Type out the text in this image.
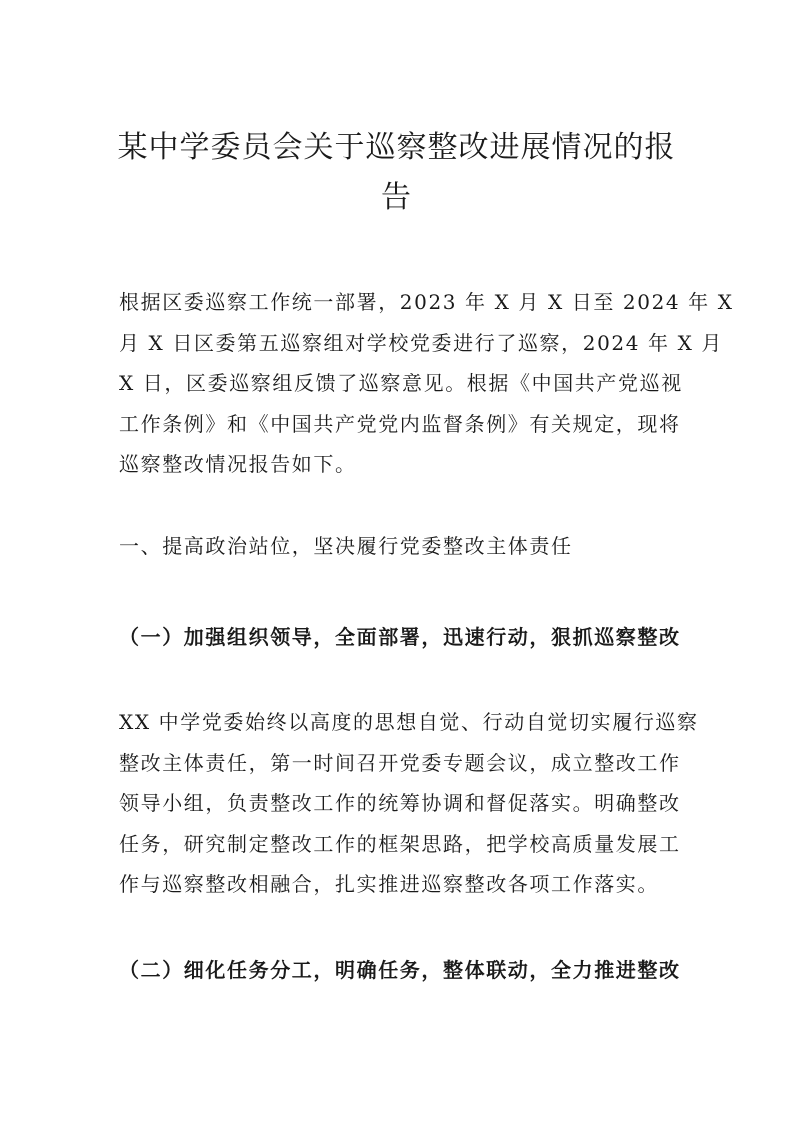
某中学委员会关于巡察整改进展情况的报
告
根据区委巡察工作统一部署，2023 年 X 月 X 日至 2024 年 X
月 X 日区委第五巡察组对学校党委进行了巡察，2024 年 X 月
X 日，区委巡察组反馈了巡察意见。根据《中国共产党巡视
工作条例》和《中国共产党党内监督条例》有关规定，现将
巡察整改情况报告如下。
一、提高政治站位，坚决履行党委整改主体责任
（一）加强组织领导，全面部署，迅速行动，狠抓巡察整改
XX 中学党委始终以高度的思想自觉、行动自觉切实履行巡察
整改主体责任，第一时间召开党委专题会议，成立整改工作
领导小组，负责整改工作的统筹协调和督促落实。明确整改
任务，研究制定整改工作的框架思路，把学校高质量发展工
作与巡察整改相融合，扎实推进巡察整改各项工作落实。
（二）细化任务分工，明确任务，整体联动，全力推进整改
